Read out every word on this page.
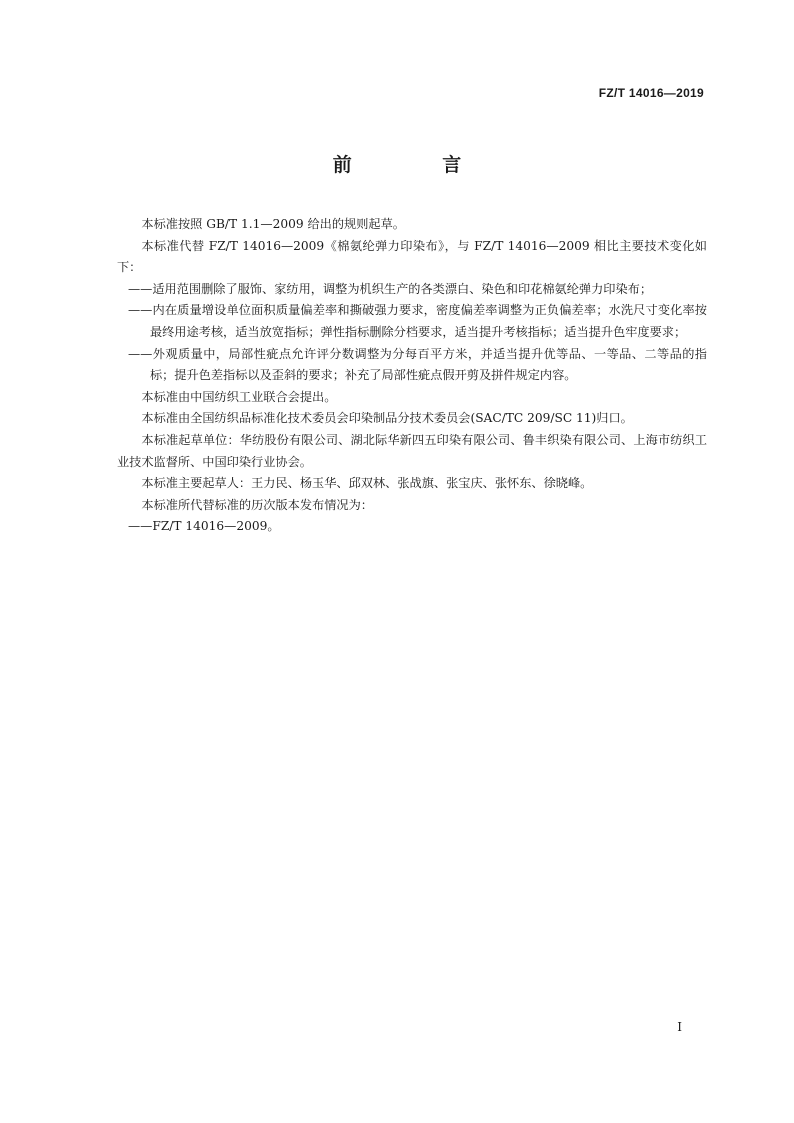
FZ/T 14016—2019
前 言

本标准按照 GB/T 1.1—2009 给出的规则起草。

本标准代替 FZ/T 14016—2009《棉氨纶弹力印染布》，与 FZ/T 14016—2009 相比主要技术变化如下：

——适用范围删除了服饰、家纺用，调整为机织生产的各类漂白、染色和印花棉氨纶弹力印染布；

——内在质量增设单位面积质量偏差率和撕破强力要求，密度偏差率调整为正负偏差率；水洗尺寸变化率按最终用途考核，适当放宽指标；弹性指标删除分档要求，适当提升考核指标；适当提升色牢度要求；

——外观质量中，局部性疵点允许评分数调整为分每百平方米，并适当提升优等品、一等品、二等品的指标；提升色差指标以及歪斜的要求；补充了局部性疵点假开剪及拼件规定内容。

本标准由中国纺织工业联合会提出。

本标准由全国纺织品标准化技术委员会印染制品分技术委员会(SAC/TC 209/SC 11)归口。

本标准起草单位：华纺股份有限公司、湖北际华新四五印染有限公司、鲁丰织染有限公司、上海市纺织工业技术监督所、中国印染行业协会。

本标准主要起草人：王力民、杨玉华、邱双林、张战旗、张宝庆、张怀东、徐晓峰。

本标准所代替标准的历次版本发布情况为：

——FZ/T 14016—2009。

I
